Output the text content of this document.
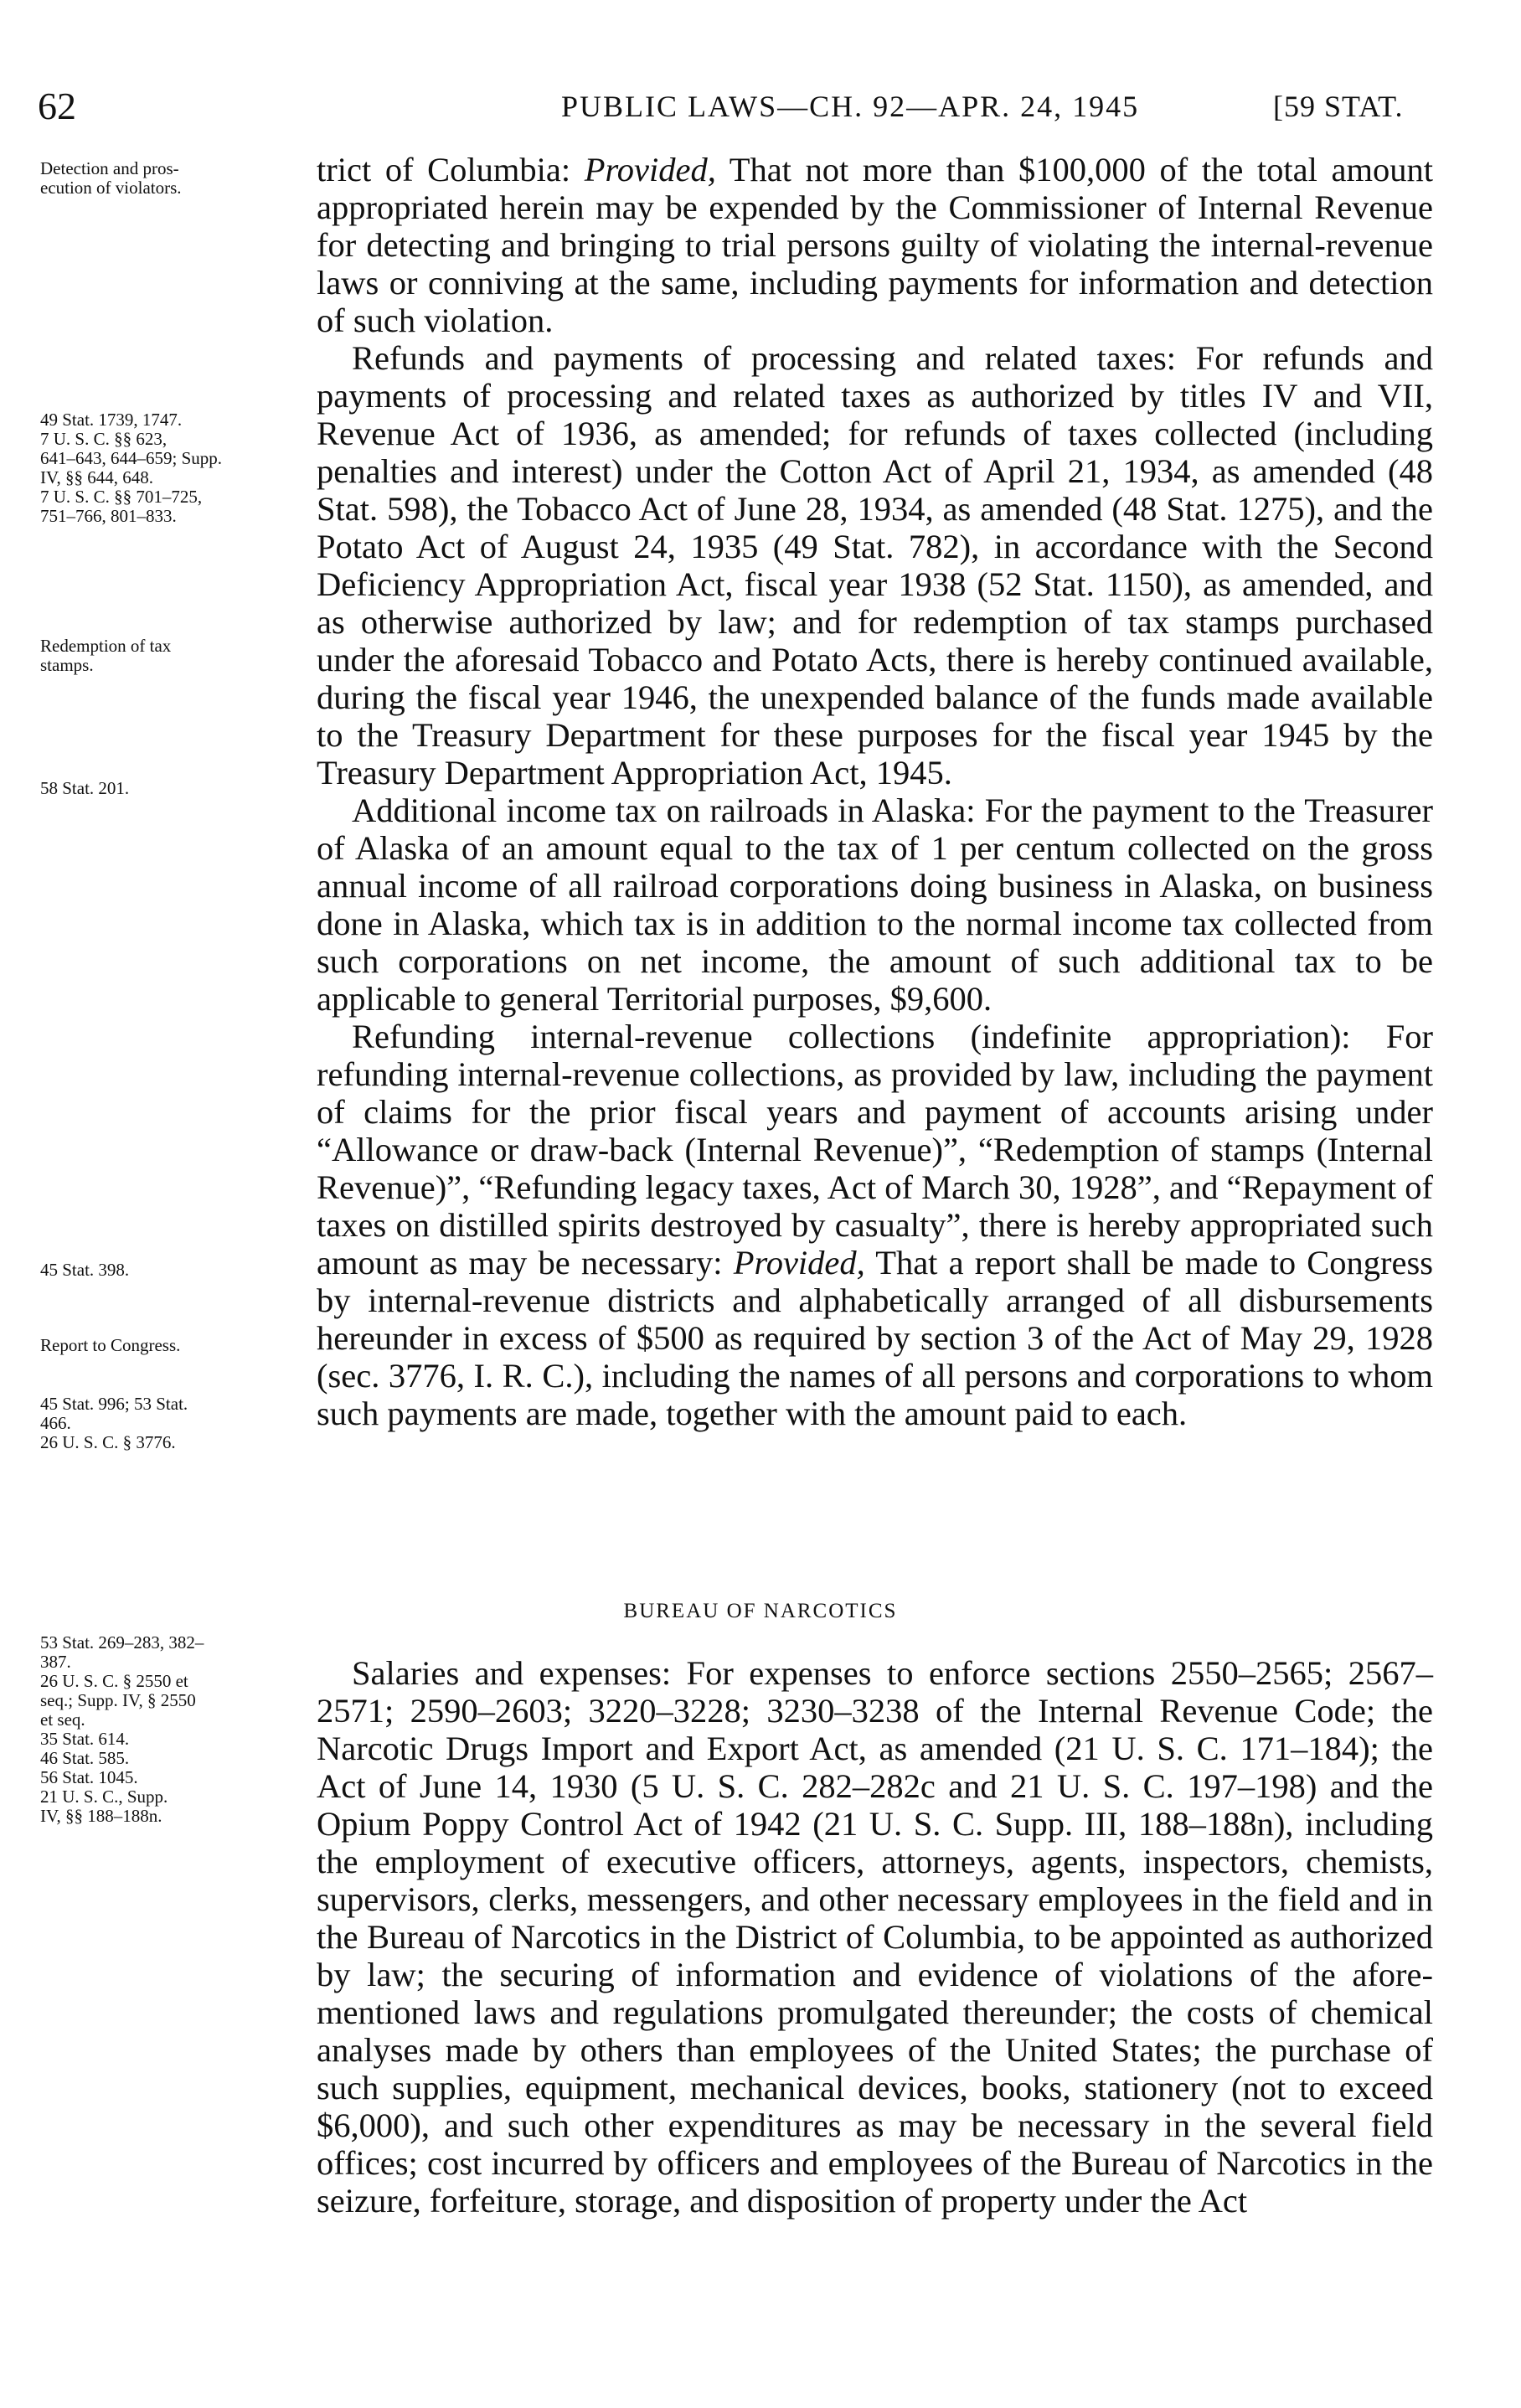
62	PUBLIC LAWS—CH. 92—APR. 24, 1945	[59 STAT.
Detection and pros-
ecution of violators.
49 Stat. 1739, 1747.
7 U. S. C. §§ 623,
641–643, 644–659; Supp.
IV, §§ 644, 648.
7 U. S. C. §§ 701–725,
751–766, 801–833.
Redemption of tax
stamps.
58 Stat. 201.
45 Stat. 398.
Report to Congress.
45 Stat. 996; 53 Stat.
466.
26 U. S. C. § 3776.
53 Stat. 269–283, 382–
387.
26 U. S. C. § 2550 et
seq.; Supp. IV, § 2550
et seq.
35 Stat. 614.
46 Stat. 585.
56 Stat. 1045.
21 U. S. C., Supp.
IV, §§ 188–188n.

trict of Columbia: Provided, That not more than $100,000 of the total amount appropriated herein may be expended by the Commissioner of Internal Revenue for detecting and bringing to trial persons guilty of violating the internal-revenue laws or conniving at the same, including payments for information and detection of such violation.

Refunds and payments of processing and related taxes: For refunds and payments of processing and related taxes as authorized by titles IV and VII, Revenue Act of 1936, as amended; for refunds of taxes collected (including penalties and interest) under the Cotton Act of April 21, 1934, as amended (48 Stat. 598), the Tobacco Act of June 28, 1934, as amended (48 Stat. 1275), and the Potato Act of August 24, 1935 (49 Stat. 782), in accordance with the Second Deficiency Appropriation Act, fiscal year 1938 (52 Stat. 1150), as amended, and as otherwise authorized by law; and for redemption of tax stamps purchased under the aforesaid Tobacco and Potato Acts, there is hereby continued available, during the fiscal year 1946, the unexpended balance of the funds made available to the Treasury Department for these purposes for the fiscal year 1945 by the Treasury Department Appropriation Act, 1945.

Additional income tax on railroads in Alaska: For the payment to the Treasurer of Alaska of an amount equal to the tax of 1 per centum collected on the gross annual income of all railroad corporations doing business in Alaska, on business done in Alaska, which tax is in addition to the normal income tax collected from such corporations on net income, the amount of such additional tax to be applicable to general Territorial purposes, $9,600.

Refunding internal-revenue collections (indefinite appropriation): For refunding internal-revenue collections, as provided by law, including the payment of claims for the prior fiscal years and payment of accounts arising under “Allowance or draw-back (Internal Revenue)”, “Redemption of stamps (Internal Revenue)”, “Refunding legacy taxes, Act of March 30, 1928”, and “Repayment of taxes on distilled spirits destroyed by casualty”, there is hereby appropriated such amount as may be necessary: Provided, That a report shall be made to Congress by internal-revenue districts and alphabetically arranged of all disbursements hereunder in excess of $500 as required by section 3 of the Act of May 29, 1928 (sec. 3776, I. R. C.), including the names of all persons and corporations to whom such payments are made, together with the amount paid to each.

BUREAU OF NARCOTICS

Salaries and expenses: For expenses to enforce sections 2550–2565; 2567–2571; 2590–2603; 3220–3228; 3230–3238 of the Internal Revenue Code; the Narcotic Drugs Import and Export Act, as amended (21 U. S. C. 171–184); the Act of June 14, 1930 (5 U. S. C. 282–282c and 21 U. S. C. 197–198) and the Opium Poppy Control Act of 1942 (21 U. S. C. Supp. III, 188–188n), including the employment of executive officers, attorneys, agents, inspectors, chemists, supervisors, clerks, messengers, and other necessary employees in the field and in the Bureau of Narcotics in the District of Columbia, to be appointed as authorized by law; the securing of information and evidence of violations of the afore-mentioned laws and regulations promulgated thereunder; the costs of chemical analyses made by others than employees of the United States; the purchase of such supplies, equipment, mechanical devices, books, stationery (not to exceed $6,000), and such other expenditures as may be necessary in the several field offices; cost incurred by officers and employees of the Bureau of Narcotics in the seizure, forfeiture, storage, and disposition of property under the Act
